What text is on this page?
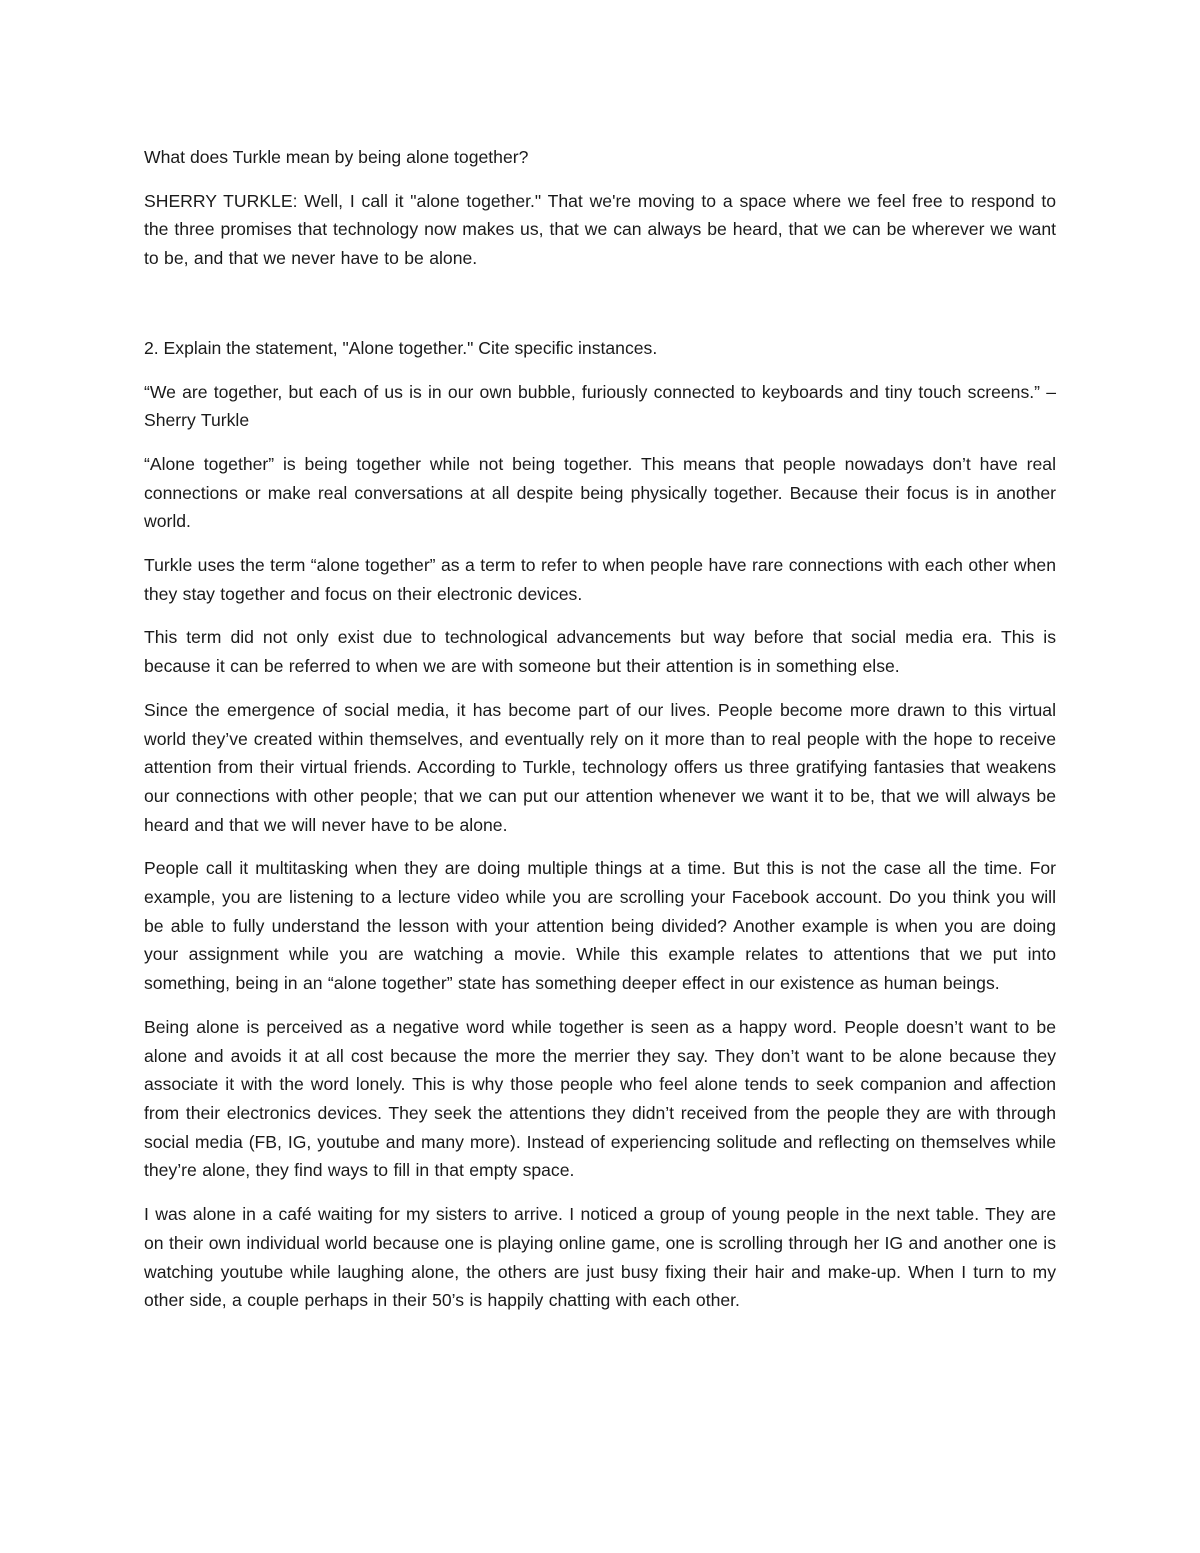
What does Turkle mean by being alone together?

SHERRY TURKLE: Well, I call it "alone together." That we're moving to a space where we feel free to respond to the three promises that technology now makes us, that we can always be heard, that we can be wherever we want to be, and that we never have to be alone.

2. Explain the statement, "Alone together." Cite specific instances.

“We are together, but each of us is in our own bubble, furiously connected to keyboards and tiny touch screens.” – Sherry Turkle

“Alone together” is being together while not being together. This means that people nowadays don’t have real connections or make real conversations at all despite being physically together. Because their focus is in another world.

Turkle uses the term “alone together” as a term to refer to when people have rare connections with each other when they stay together and focus on their electronic devices.

This term did not only exist due to technological advancements but way before that social media era. This is because it can be referred to when we are with someone but their attention is in something else.

Since the emergence of social media, it has become part of our lives. People become more drawn to this virtual world they’ve created within themselves, and eventually rely on it more than to real people with the hope to receive attention from their virtual friends. According to Turkle, technology offers us three gratifying fantasies that weakens our connections with other people; that we can put our attention whenever we want it to be, that we will always be heard and that we will never have to be alone.

People call it multitasking when they are doing multiple things at a time. But this is not the case all the time. For example, you are listening to a lecture video while you are scrolling your Facebook account. Do you think you will be able to fully understand the lesson with your attention being divided? Another example is when you are doing your assignment while you are watching a movie. While this example relates to attentions that we put into something, being in an “alone together” state has something deeper effect in our existence as human beings.

Being alone is perceived as a negative word while together is seen as a happy word. People doesn’t want to be alone and avoids it at all cost because the more the merrier they say. They don’t want to be alone because they associate it with the word lonely. This is why those people who feel alone tends to seek companion and affection from their electronics devices. They seek the attentions they didn’t received from the people they are with through social media (FB, IG, youtube and many more). Instead of experiencing solitude and reflecting on themselves while they’re alone, they find ways to fill in that empty space.

I was alone in a café waiting for my sisters to arrive. I noticed a group of young people in the next table. They are on their own individual world because one is playing online game, one is scrolling through her IG and another one is watching youtube while laughing alone, the others are just busy fixing their hair and make-up. When I turn to my other side, a couple perhaps in their 50’s is happily chatting with each other.
